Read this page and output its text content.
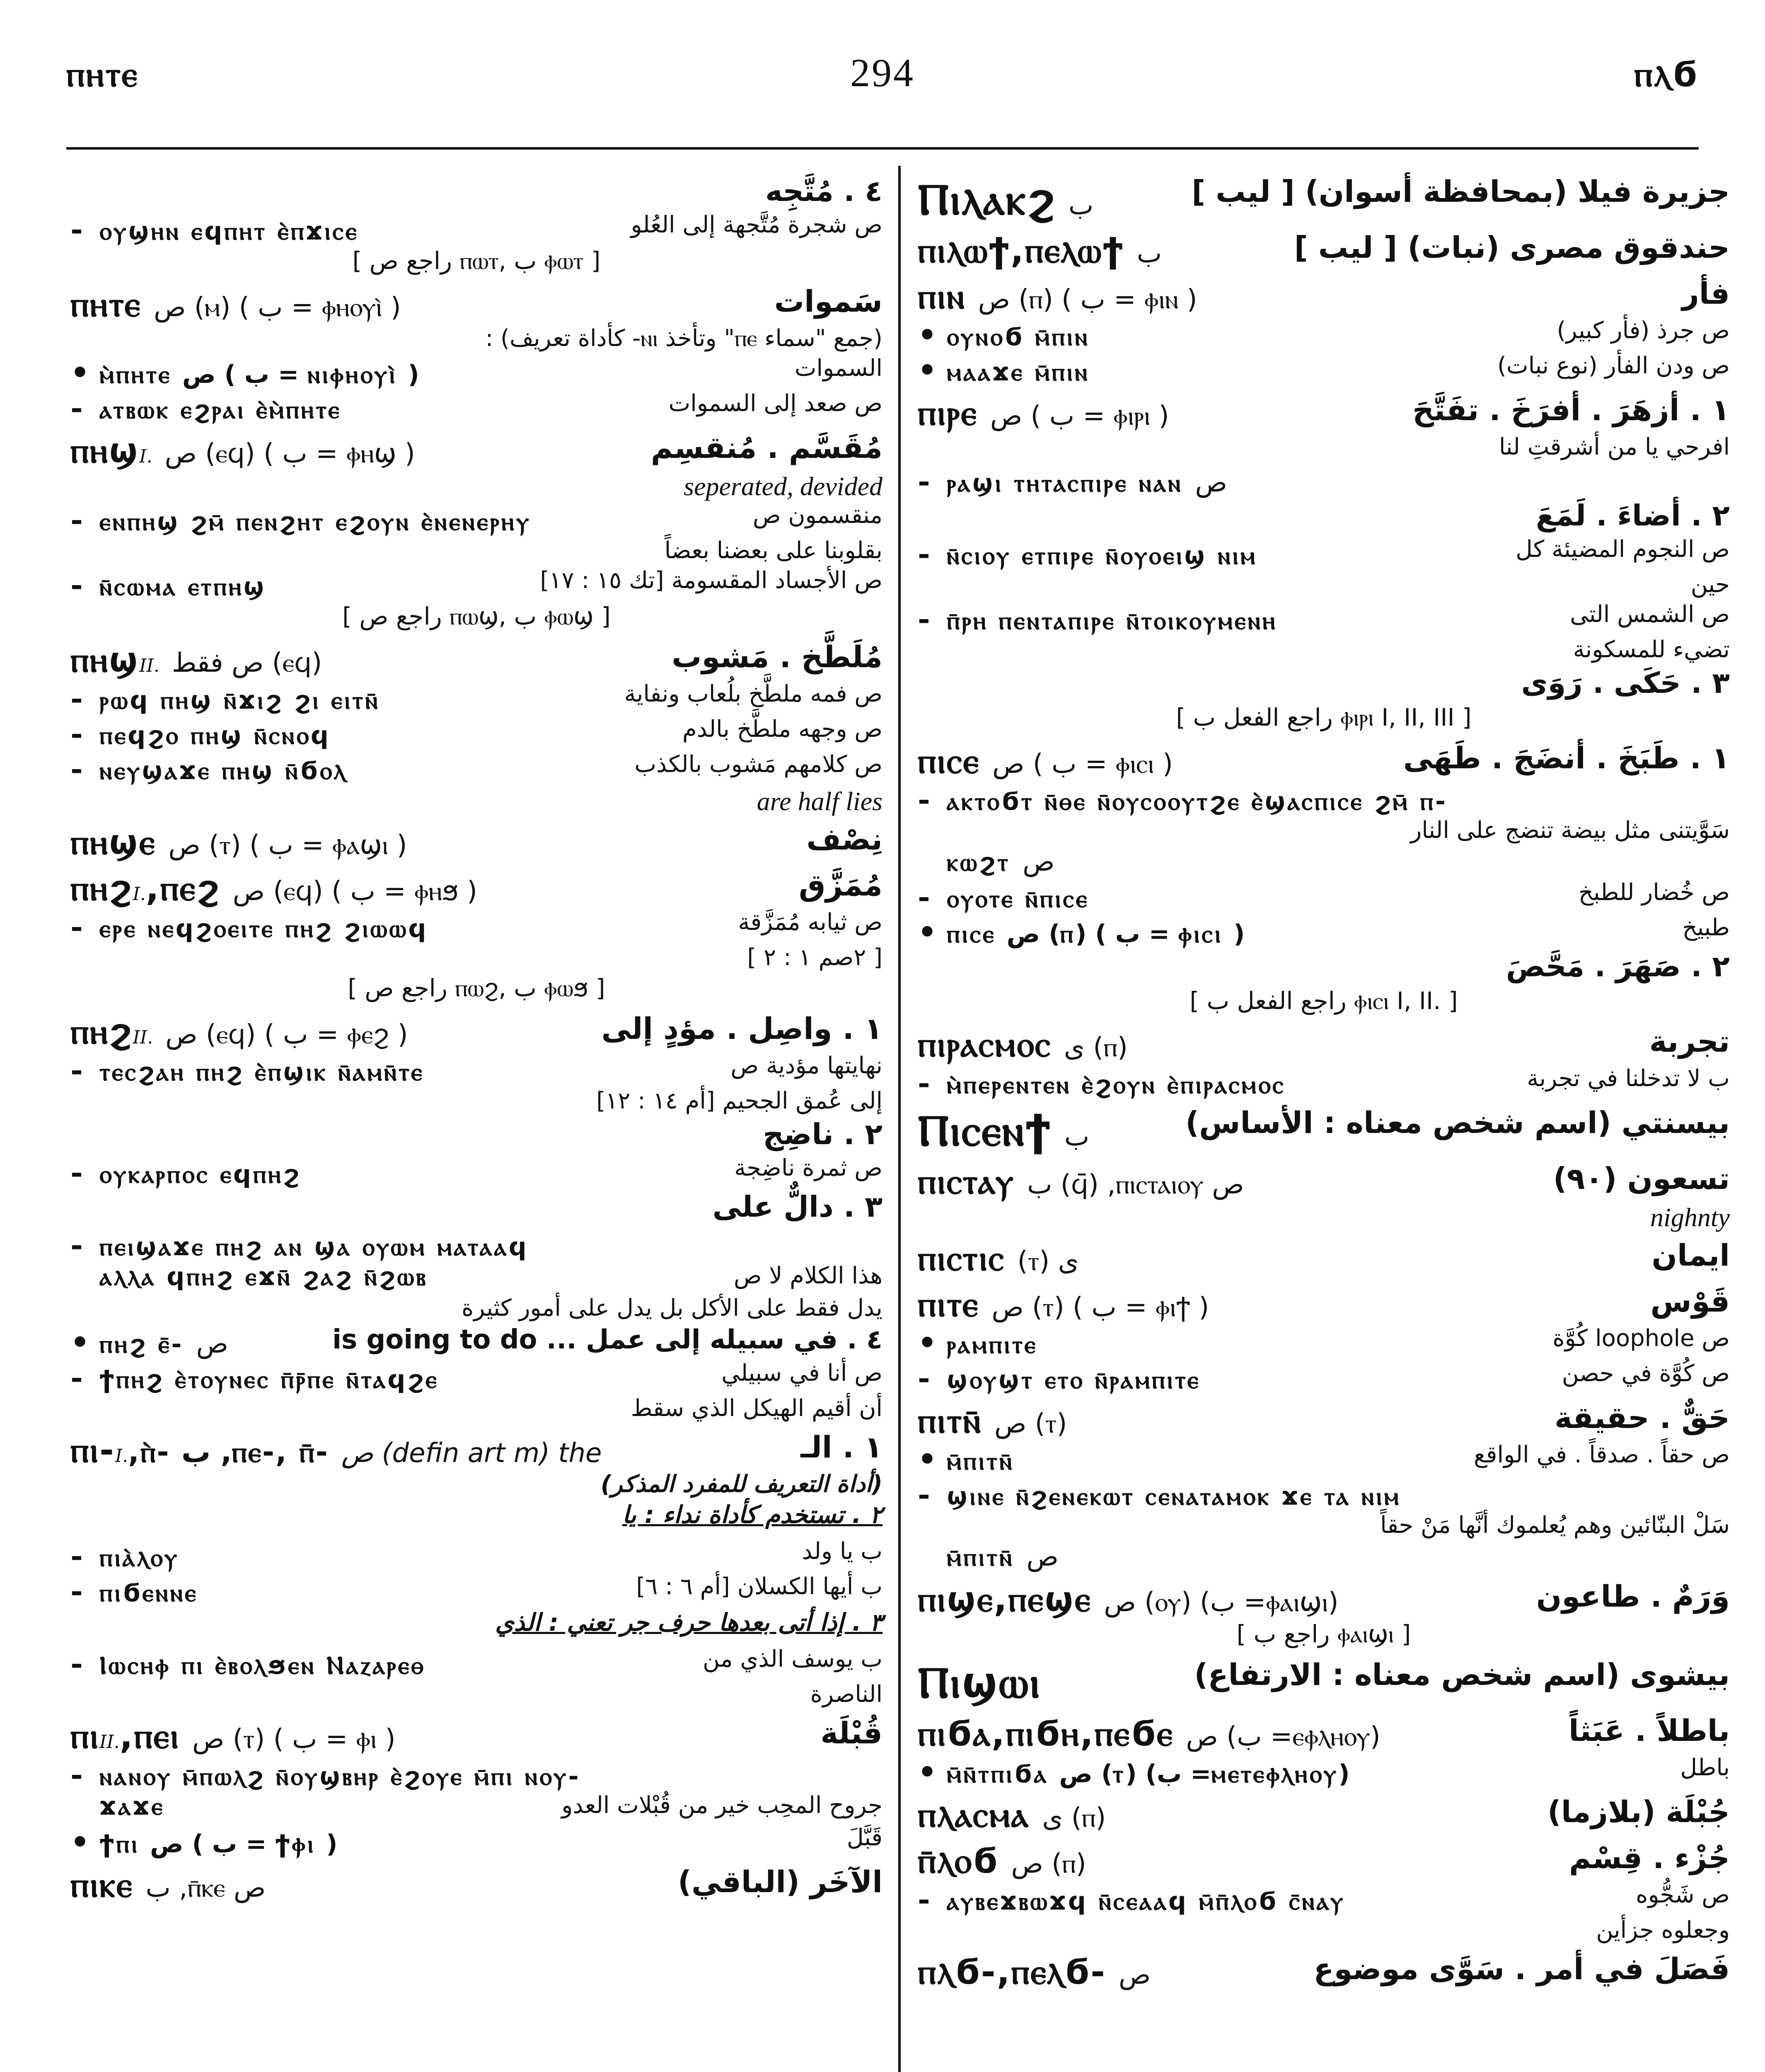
ⲡⲏⲧⲉ	294	ⲡⲗϭ
٤ . مُتَّجِه
- ⲟⲩϣⲏⲛ ⲉϥⲡⲏⲧ ⲉ̀ⲡϫⲓⲥⲉ	ص شجرة مُتَّجهة إلى العُلو
[ راجع ص ⲡⲱⲧ, ب ⲫⲱⲧ ]
ⲡⲏⲧⲉ ص (ⲙ) ( ب = ⲫⲏⲟⲩⲓ̀ )	سَموات
(جمع "سماء ⲡⲉ" وتأخذ ⲛⲓ- كأداة تعريف) :
• ⲙ̀ⲡⲏⲧⲉ ص ( ب = ⲛⲓⲫⲏⲟⲩⲓ̀ )	السموات
- ⲁⲧⲃⲱⲕ ⲉϩⲣⲁⲓ ⲉ̀ⲙ̀ⲡⲏⲧⲉ	ص صعد إلى السموات
ⲡⲏϣ I. ص (ⲉϥ) ( ب = ⲫⲏϣ )	مُقَسَّم . مُنقسِم
seperated, devided
- ⲉⲛⲡⲏϣ ϩⲙ̄ ⲡⲉⲛϩⲏⲧ ⲉϩⲟⲩⲛ ⲉ̀ⲛⲉⲛⲉⲣⲏⲩ	منقسمون ص
بقلوبنا على بعضنا بعضاً
- ⲛ̄ⲥⲱⲙⲁ ⲉⲧⲡⲏϣ	ص الأجساد المقسومة [تك ١٥ : ١٧]
[ راجع ص ⲡⲱϣ, ب ⲫⲱϣ ]
ⲡⲏϣ II. ص فقط (ⲉϥ)	مُلَطَّخ . مَشوب
- ⲣⲱϥ ⲡⲏϣ ⲛ̄ϫⲓϩ ϩⲓ ⲉⲓⲧⲛ̄	ص فمه ملطَّخ بلُعاب ونفاية
- ⲡⲉϥϩⲟ ⲡⲏϣ ⲛ̄ⲥⲛⲟϥ	ص وجهه ملطَّخ بالدم
- ⲛⲉⲩϣⲁϫⲉ ⲡⲏϣ ⲛ̄ϭⲟⲗ	ص كلامهم مَشوب بالكذب
are half lies
ⲡⲏϣⲉ ص (ⲧ) ( ب = ⲫⲁϣⲓ )	نِصْف
ⲡⲏϩ I. ,ⲡⲉϩ ص (ⲉϥ) ( ب = ⲫⲏϧ )	مُمَزَّق
- ⲉⲣⲉ ⲛⲉϥϩⲟⲉⲓⲧⲉ ⲡⲏϩ ϩⲓⲱⲱϥ	ص ثيابه مُمَزَّقة
[ ٢صم ١ : ٢ ]
[ راجع ص ⲡⲱϩ, ب ⲫⲱϧ ]
ⲡⲏϩ II. ص (ⲉϥ) ( ب = ⲫⲉϩ )	١ . واصِل . مؤدٍ إلى
- ⲧⲉⲥϩⲁⲏ ⲡⲏϩ ⲉ̀ⲡϣⲓⲕ ⲛ̄ⲁⲙⲛ̄ⲧⲉ	نهايتها مؤدية ص
إلى عُمق الجحيم [أم ١٤ : ١٢]
٢ . ناضِج
- ⲟⲩⲕⲁⲣⲡⲟⲥ ⲉϥⲡⲏϩ	ص ثمرة ناضِجة
٣ . دالٌّ على
- ⲡⲉⲓϣⲁϫⲉ ⲡⲏϩ ⲁⲛ ϣⲁ ⲟⲩⲱⲙ ⲙⲁⲧⲁⲁϥ
ⲁⲗⲗⲁ ϥⲡⲏϩ ⲉϫⲛ̄ ϩⲁϩ ⲛ̄ϩⲱⲃ	هذا الكلام لا ص
يدل فقط على الأكل بل يدل على أمور كثيرة
• ⲡⲏϩ ⲉ̄- ص	٤ . في سبيله إلى عمل ... is going to do
- ϯⲡⲏϩ ⲉ̀ⲧⲟⲩⲛⲉⲥ ⲡ̄ⲣ̄ⲡⲉ ⲛ̄ⲧⲁϥϩⲉ	ص أنا في سبيلي
أن أقيم الهيكل الذي سقط
ⲡⲓ- I. ,ⲡ̀- ب ,ⲡⲉ-, ⲡ̄- ص (defin art m) the	١ . الـ
(أداة التعريف للمفرد المذكر)
٢ . تستخدم كأداة نداء : يا
- ⲡⲓⲁ̀ⲗⲟⲩ	ب يا ولد
- ⲡⲓϭⲉⲛⲛⲉ	ب أيها الكسلان [أم ٦ : ٦]
٣ . إذا أتى بعدها حرف جر تعني : الذي
- Ⲓⲱⲥⲏⲫ ⲡⲓ ⲉ̀ⲃⲟⲗϧⲉⲛ Ⲛⲁⲍⲁⲣⲉⲑ	ب يوسف الذي من
الناصرة
ⲡⲓ II. ,ⲡⲉⲓ ص (ⲧ) ( ب = ⲫⲓ )	قُبْلَة
- ⲛⲁⲛⲟⲩ ⲙ̄ⲡⲱⲗϩ ⲛ̄ⲟⲩϣⲃⲏⲣ ⲉ̀ϩⲟⲩⲉ ⲙ̄ⲡⲓ ⲛⲟⲩ-
ϫⲁϫⲉ	جروح المحِب خير من قُبْلات العدو
• ϯⲡⲓ ص ( ب = ϯⲫⲓ )	قَبَّلَ
ⲡⲓⲕⲉ ب ,ⲡ̄ⲕⲉ ص	الآخَر (الباقي)
Ⲡⲓⲗⲁⲕϩ ب	جزيرة فيلا (بمحافظة أسوان) [ ليب ]
ⲡⲓⲗⲱϯ,ⲡⲉⲗⲱϯ ب	حندقوق مصرى (نبات) [ ليب ]
ⲡⲓⲛ ص (ⲡ) ( ب = ⲫⲓⲛ )	فأر
• ⲟⲩⲛⲟϭ ⲙ̄ⲡⲓⲛ	ص جرذ (فأر كبير)
• ⲙⲁⲁϫⲉ ⲙ̄ⲡⲓⲛ	ص ودن الفأر (نوع نبات)
ⲡⲓⲣⲉ ص ( ب = ⲫⲓⲣⲓ )	١ . أزهَرَ . أفرَخَ . تفَتَّحَ
افرحي يا من أشرقتِ لنا
- ⲣⲁϣⲓ ⲧⲏⲧⲁⲥⲡⲓⲣⲉ ⲛⲁⲛ ص
٢ . أضاءَ . لَمَعَ
- ⲛ̄ⲥⲓⲟⲩ ⲉⲧⲡⲓⲣⲉ ⲛ̄ⲟⲩⲟⲉⲓϣ ⲛⲓⲙ	ص النجوم المضيئة كل
حين
- ⲡ̄ⲣⲏ ⲡⲉⲛⲧⲁⲡⲓⲣⲉ ⲛ̄ⲧⲟⲓⲕⲟⲩⲙⲉⲛⲏ	ص الشمس التى
تضيء للمسكونة
٣ . حَكَى . رَوَى
[ راجع الفعل ب ⲫⲓⲣⲓ I, II, III ]
ⲡⲓⲥⲉ ص ( ب = ⲫⲓⲥⲓ )	١ . طَبَخَ . أنضَجَ . طَهَى
- ⲁⲕⲧⲟϭⲧ ⲛ̄ⲑⲉ ⲛ̄ⲟⲩⲥⲟⲟⲩⲧϩⲉ ⲉ̀ϣⲁⲥⲡⲓⲥⲉ ϩⲙ̄ ⲡ-
سَوَّيتنى مثل بيضة تنضج على النار
ⲕⲱϩⲧ ص
- ⲟⲩⲟⲧⲉ ⲛ̄ⲡⲓⲥⲉ	ص خُضار للطبخ
• ⲡⲓⲥⲉ ص (ⲡ) ( ب = ⲫⲓⲥⲓ )	طبيخ
٢ . صَهَرَ . مَحَّصَ
[ راجع الفعل ب ⲫⲓⲥⲓ I, II. ]
ⲡⲓⲣⲁⲥⲙⲟⲥ ى (ⲡ)	تجربة
- ⲙ̀ⲡⲉⲣⲉⲛⲧⲉⲛ ⲉ̀ϩⲟⲩⲛ ⲉ̀ⲡⲓⲣⲁⲥⲙⲟⲥ	ب لا تدخلنا في تجربة
Ⲡⲓⲥⲉⲛϯ ب	بيسنتي (اسم شخص معناه : الأساس)
ⲡⲓⲥⲧⲁⲩ ب (ϥ̄) ,ⲡⲓⲥⲧⲁⲓⲟⲩ ص	تسعون (٩٠)
nighnty
ⲡⲓⲥⲧⲓⲥ (ⲧ) ى	ايمان
ⲡⲓⲧⲉ ص (ⲧ) ( ب = ⲫⲓϯ )	قَوْس
• ⲣⲁⲙⲡⲓⲧⲉ	ص loophole كُوَّة
- ϣⲟⲩϣⲧ ⲉⲧⲟ ⲛ̄ⲣⲁⲙⲡⲓⲧⲉ	ص كُوَّة في حصن
ⲡⲓⲧⲛ̄ ص (ⲧ)	حَقٌّ . حقيقة
• ⲙ̄ⲡⲓⲧⲛ̄	ص حقاً . صدقاً . في الواقع
- ϣⲓⲛⲉ ⲛ̄ϩⲉⲛⲉⲕⲱⲧ ⲥⲉⲛⲁⲧⲁⲙⲟⲕ ϫⲉ ⲧⲁ ⲛⲓⲙ
سَلْ البنّائين وهم يُعلموك أنَّها مَنْ حقاً
ⲙ̄ⲡⲓⲧⲛ̄ ص
ⲡⲓϣⲉ,ⲡⲉϣⲉ ص (ⲟⲩ) (ب =ⲫⲁⲓϣⲓ)	وَرَمٌ . طاعون
[ راجع ب ⲫⲁⲓϣⲓ ]
Ⲡⲓϣⲱⲓ	بيشوى (اسم شخص معناه : الارتفاع)
ⲡⲓϭⲁ,ⲡⲓϭⲏ,ⲡⲉϭⲉ ص (ب =ⲉⲫⲗⲏⲟⲩ)	باطلاً . عَبَثاً
• ⲙ̄ⲛ̄ⲧⲡⲓϭⲁ ص (ⲧ) (ب =ⲙⲉⲧⲉⲫⲗⲏⲟⲩ)	باطل
ⲡⲗⲁⲥⲙⲁ ى (ⲡ)	جُبْلَة (بلازما)
ⲡ̄ⲗⲟϭ ص (ⲡ)	جُزْء . قِسْم
- ⲁⲩⲃⲉϫⲃⲱϫϥ ⲛ̄ⲥⲉⲁⲁϥ ⲙ̄ⲡ̄ⲗⲟϭ ⲥ̄ⲛⲁⲩ	ص شَجُّوه
وجعلوه جزأين
ⲡⲗϭ-,ⲡⲉⲗϭ- ص	فَصَلَ في أمر . سَوَّى موضوع
